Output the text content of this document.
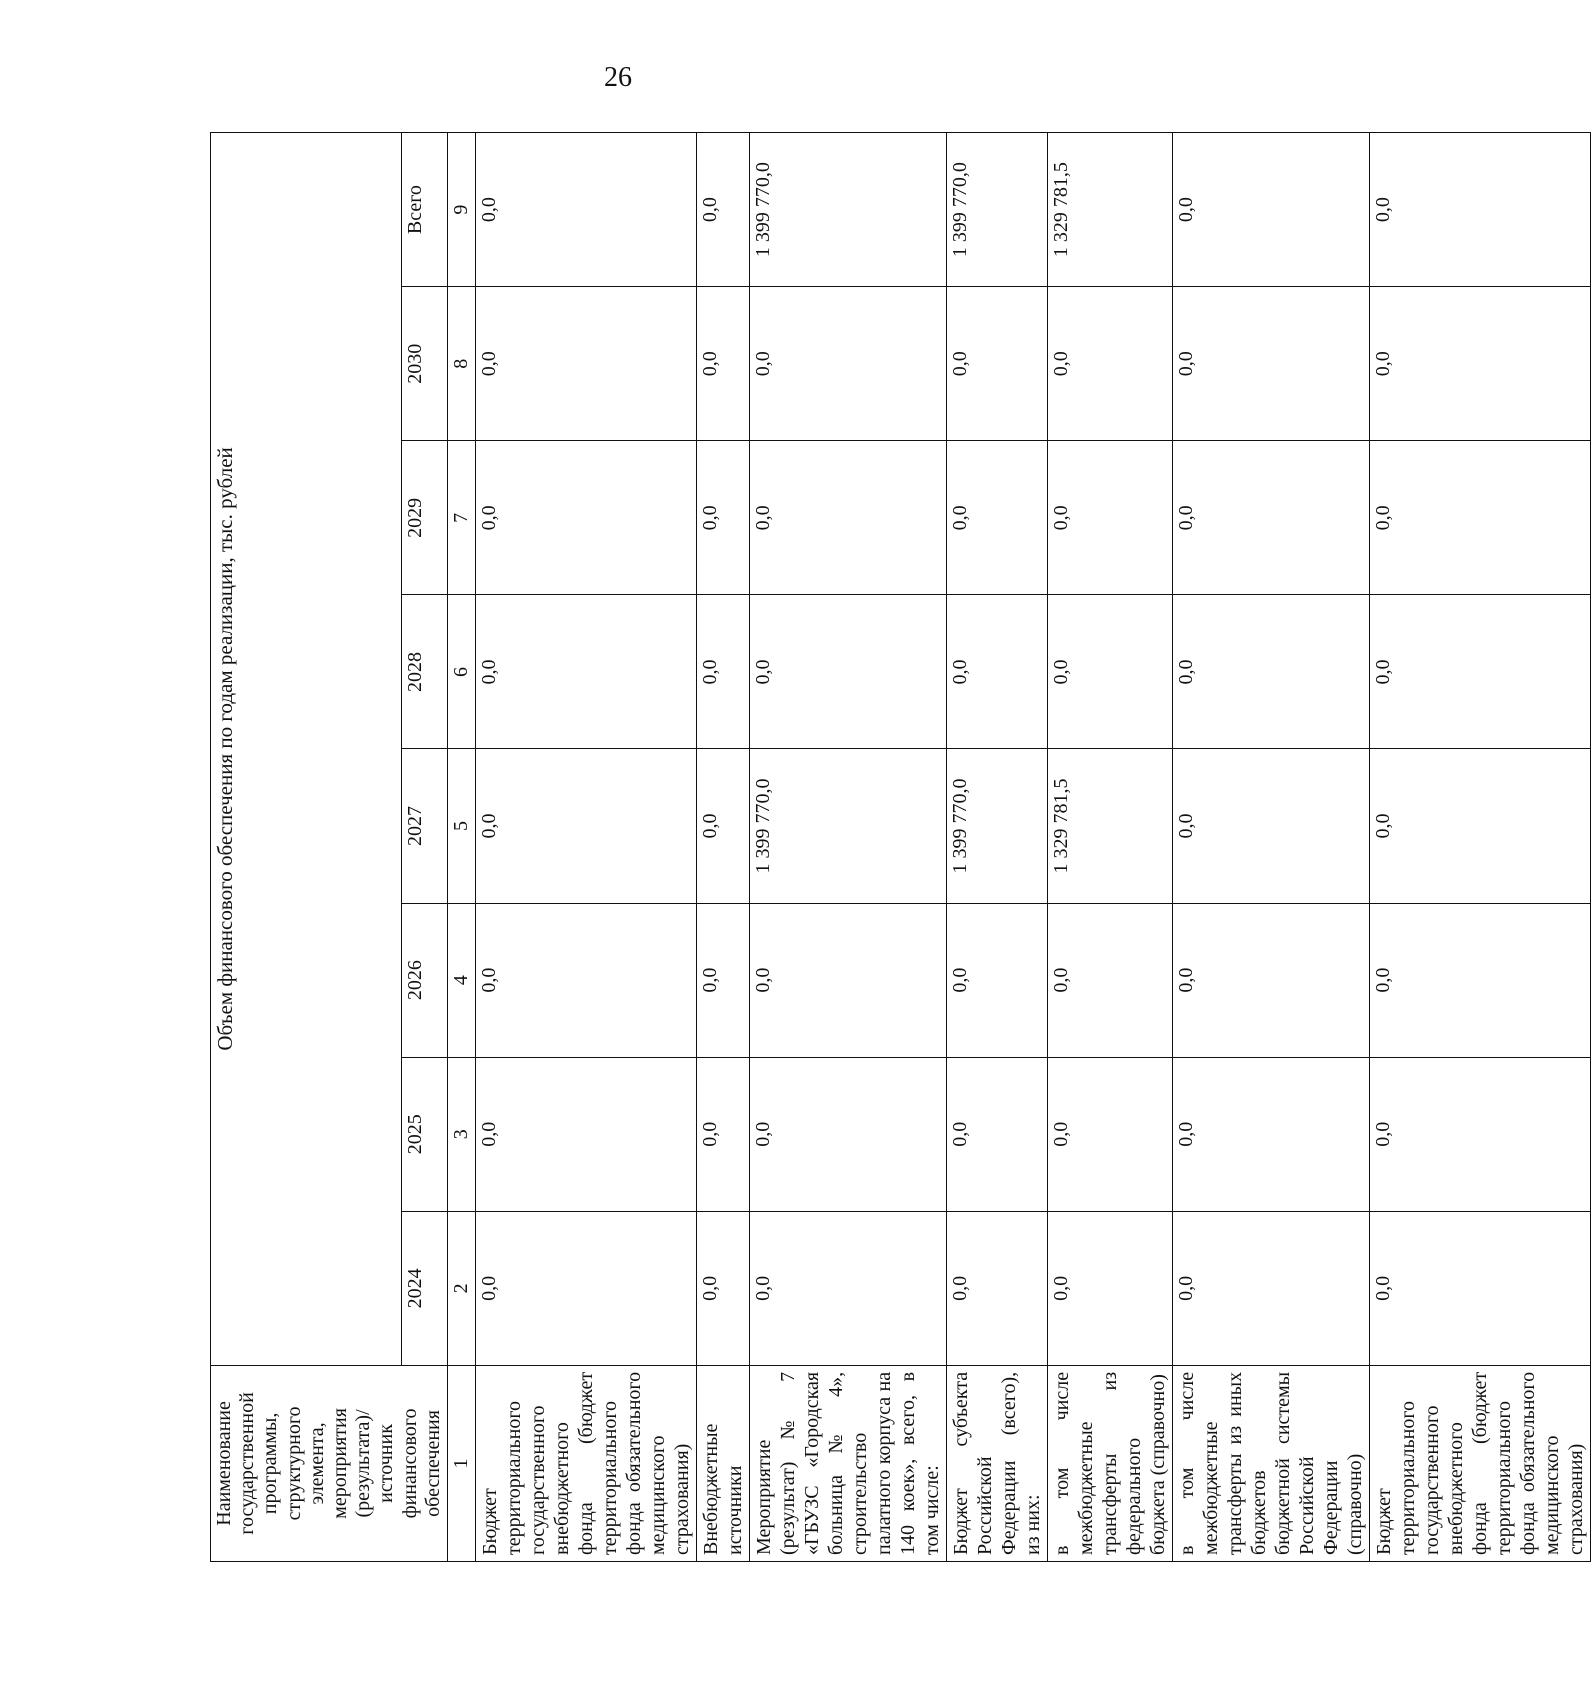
26
Наименование государственной программы, структурного элемента, мероприятия (результата)/источник финансового обеспечения	Объем финансового обеспечения по годам реализации, тыс. рублей							
	2024	2025	2026	2027	2028	2029	2030	Всего
1	2	3	4	5	6	7	8	9
Бюджет территориального государственного внебюджетного фонда (бюджет территориального фонда обязательного медицинского страхования)	0,0	0,0	0,0	0,0	0,0	0,0	0,0	0,0
Внебюджетные источники	0,0	0,0	0,0	0,0	0,0	0,0	0,0	0,0
Мероприятие (результат) № 7 «ГБУЗС «Городская больница № 4», строительство палатного корпуса на 140 коек», всего, в том числе:	0,0	0,0	0,0	1 399 770,0	0,0	0,0	0,0	1 399 770,0
Бюджет субъекта Российской Федерации (всего), из них:	0,0	0,0	0,0	1 399 770,0	0,0	0,0	0,0	1 399 770,0
в том числе межбюджетные трансферты из федерального бюджета (справочно)	0,0	0,0	0,0	1 329 781,5	0,0	0,0	0,0	1 329 781,5
в том числе межбюджетные трансферты из иных бюджетов бюджетной системы Российской Федерации (справочно)	0,0	0,0	0,0	0,0	0,0	0,0	0,0	0,0
Бюджет территориального государственного внебюджетного фонда (бюджет территориального фонда обязательного медицинского страхования)	0,0	0,0	0,0	0,0	0,0	0,0	0,0	0,0
